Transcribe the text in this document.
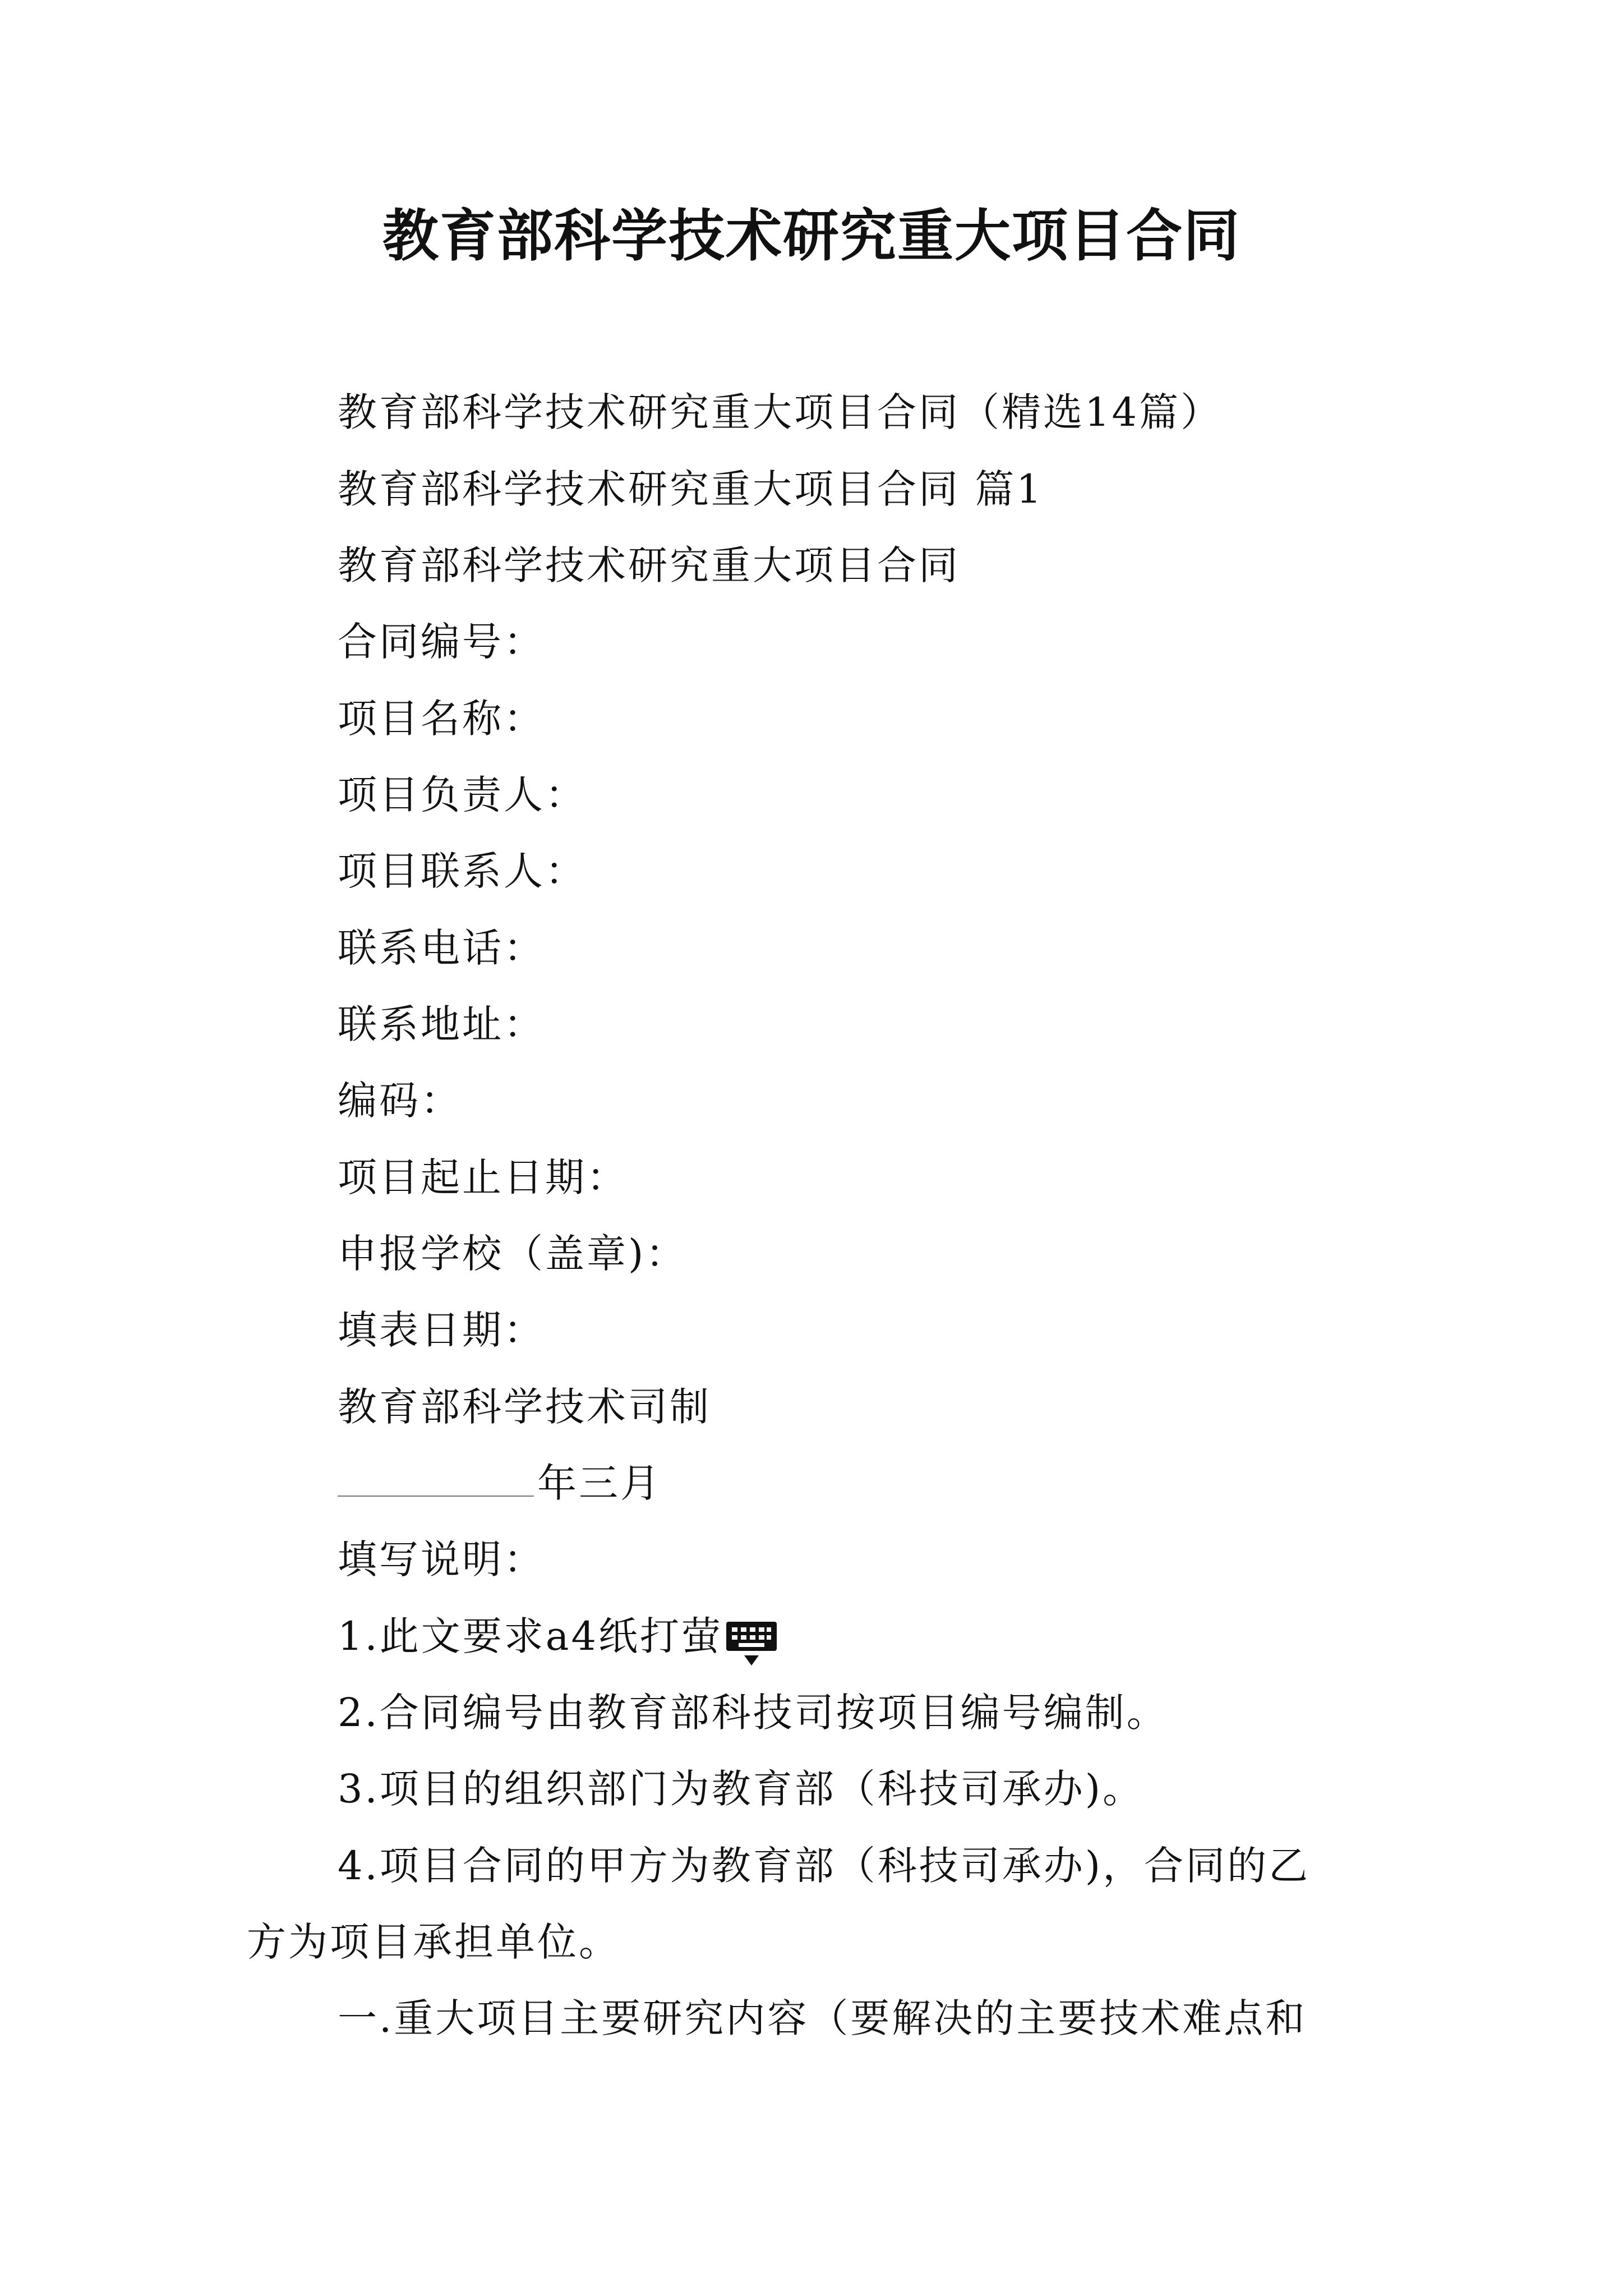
教育部科学技术研究重大项目合同
教育部科学技术研究重大项目合同（精选14篇）
教育部科学技术研究重大项目合同 篇1
教育部科学技术研究重大项目合同
合同编号：
项目名称：
项目负责人：
项目联系人：
联系电话：
联系地址：
编码：
项目起止日期：
申报学校（盖章)：
填表日期：
教育部科学技术司制
年三月
填写说明：
1.此文要求a4纸打萤
2.合同编号由教育部科技司按项目编号编制。
3.项目的组织部门为教育部（科技司承办)。
4.项目合同的甲方为教育部（科技司承办)，合同的乙
方为项目承担单位。
一.重大项目主要研究内容（要解决的主要技术难点和
